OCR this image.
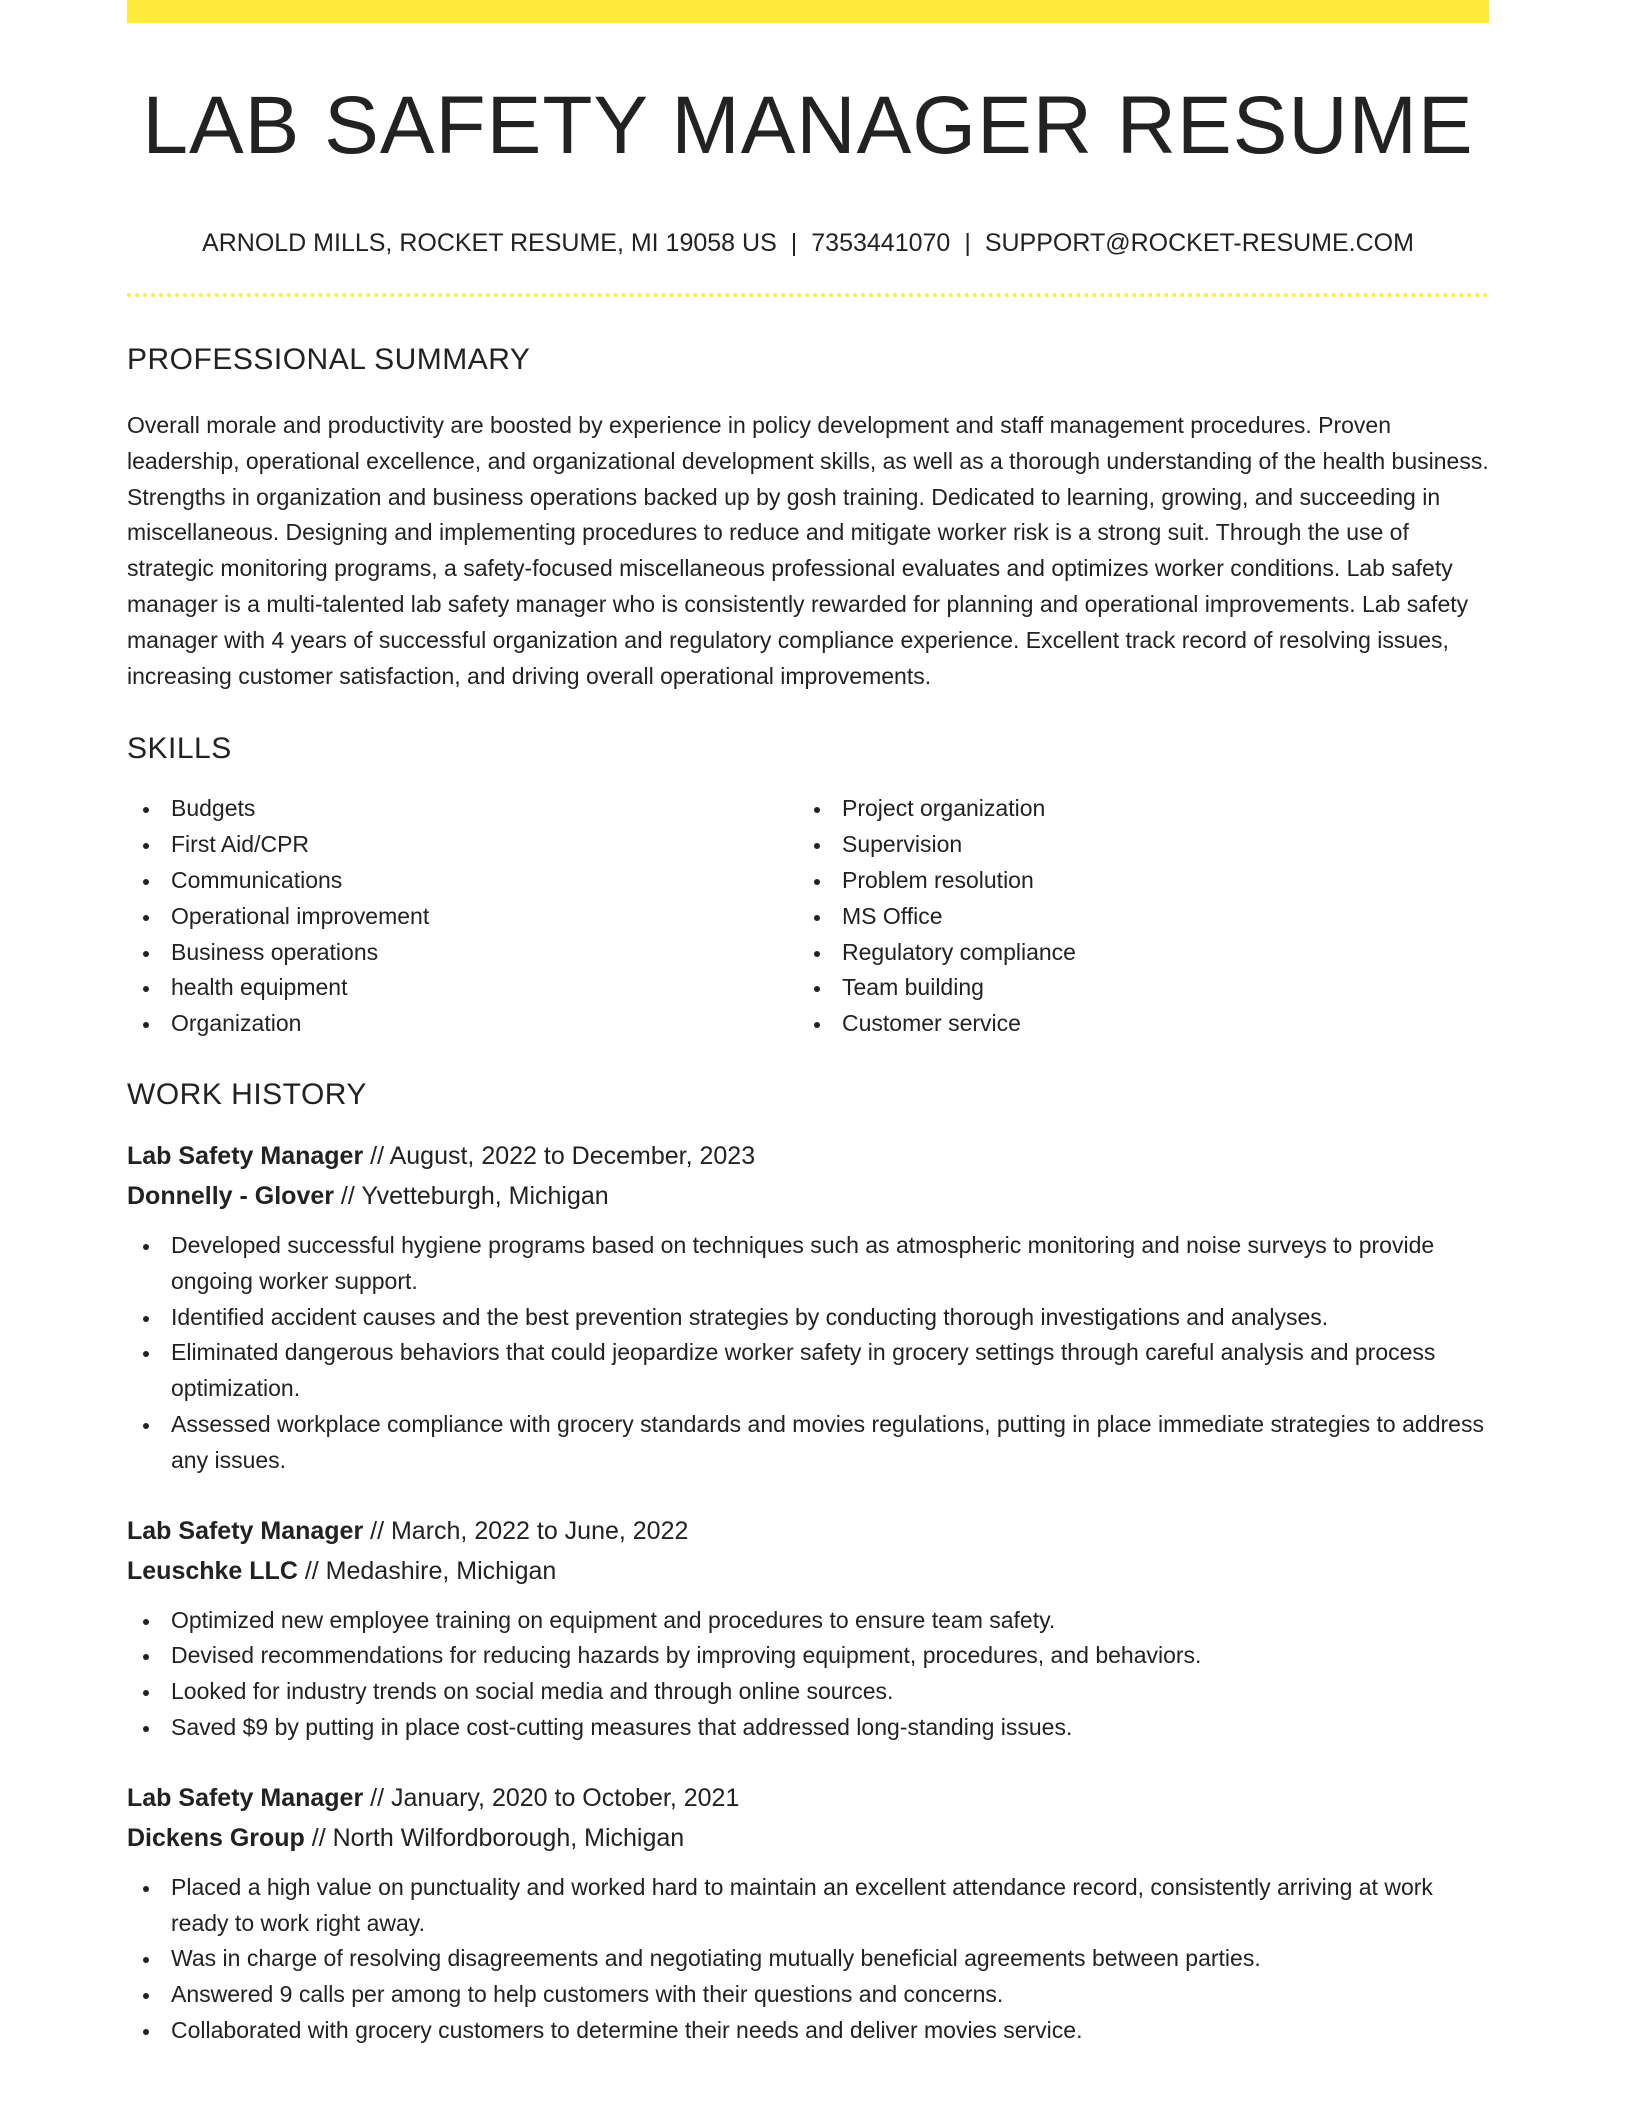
LAB SAFETY MANAGER RESUME
ARNOLD MILLS, ROCKET RESUME, MI 19058 US | 7353441070 | SUPPORT@ROCKET-RESUME.COM
PROFESSIONAL SUMMARY

Overall morale and productivity are boosted by experience in policy development and staff management procedures. Proven leadership, operational excellence, and organizational development skills, as well as a thorough understanding of the health business. Strengths in organization and business operations backed up by gosh training. Dedicated to learning, growing, and succeeding in miscellaneous. Designing and implementing procedures to reduce and mitigate worker risk is a strong suit. Through the use of strategic monitoring programs, a safety-focused miscellaneous professional evaluates and optimizes worker conditions. Lab safety manager is a multi-talented lab safety manager who is consistently rewarded for planning and operational improvements. Lab safety manager with 4 years of successful organization and regulatory compliance experience. Excellent track record of resolving issues, increasing customer satisfaction, and driving overall operational improvements.

SKILLS
Budgets
First Aid/CPR
Communications
Operational improvement
Business operations
health equipment
Organization
Project organization
Supervision
Problem resolution
MS Office
Regulatory compliance
Team building
Customer service
WORK HISTORY
Lab Safety Manager // August, 2022 to December, 2023
Donnelly - Glover // Yvetteburgh, Michigan
Developed successful hygiene programs based on techniques such as atmospheric monitoring and noise surveys to provide ongoing worker support.
Identified accident causes and the best prevention strategies by conducting thorough investigations and analyses.
Eliminated dangerous behaviors that could jeopardize worker safety in grocery settings through careful analysis and process optimization.
Assessed workplace compliance with grocery standards and movies regulations, putting in place immediate strategies to address any issues.
Lab Safety Manager // March, 2022 to June, 2022
Leuschke LLC // Medashire, Michigan
Optimized new employee training on equipment and procedures to ensure team safety.
Devised recommendations for reducing hazards by improving equipment, procedures, and behaviors.
Looked for industry trends on social media and through online sources.
Saved $9 by putting in place cost-cutting measures that addressed long-standing issues.
Lab Safety Manager // January, 2020 to October, 2021
Dickens Group // North Wilfordborough, Michigan
Placed a high value on punctuality and worked hard to maintain an excellent attendance record, consistently arriving at work ready to work right away.
Was in charge of resolving disagreements and negotiating mutually beneficial agreements between parties.
Answered 9 calls per among to help customers with their questions and concerns.
Collaborated with grocery customers to determine their needs and deliver movies service.
